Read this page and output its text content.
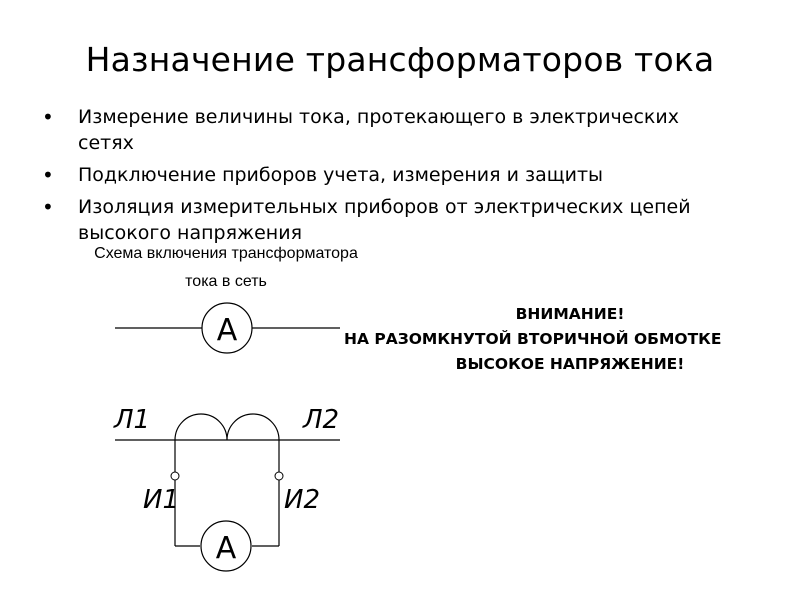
Назначение трансформаторов тока
• Измерение величины тока, протекающего в электрических сетях
• Подключение приборов учета, измерения и защиты
• Изоляция измерительных приборов от электрических цепей высокого напряжения
Схема включения трансформатора
тока в сеть
А
А
Л1	Л2
И1	И2
ВНИМАНИЕ!
НА РАЗОМКНУТОЙ ВТОРИЧНОЙ ОБМОТКЕ
ВЫСОКОЕ НАПРЯЖЕНИЕ!
